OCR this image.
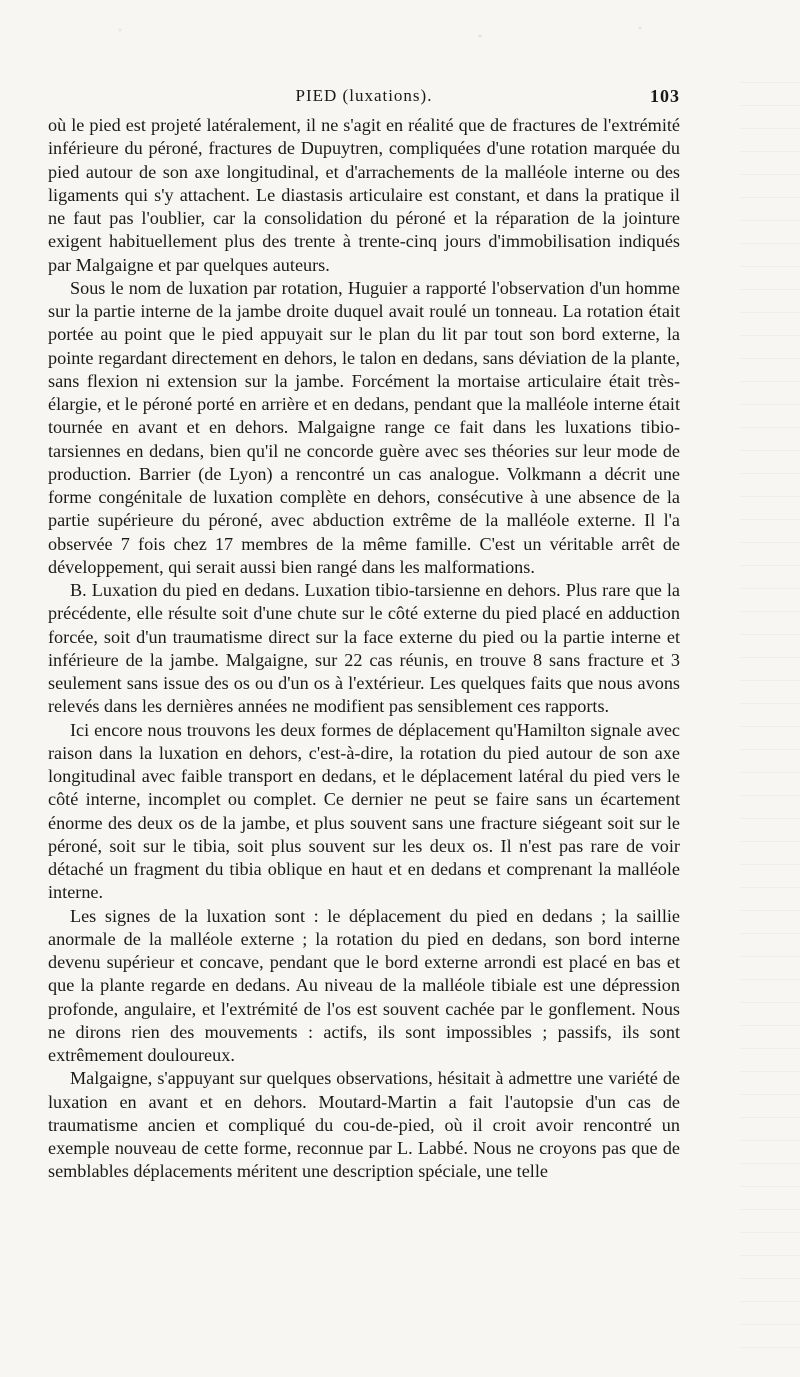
PIED (luxations).	103

où le pied est projeté latéralement, il ne s'agit en réalité que de fractures de l'extrémité inférieure du péroné, fractures de Dupuytren, compliquées d'une rotation marquée du pied autour de son axe longitudinal, et d'arrachements de la malléole interne ou des ligaments qui s'y attachent. Le diastasis articulaire est constant, et dans la pratique il ne faut pas l'oublier, car la consolidation du péroné et la réparation de la jointure exigent habituellement plus des trente à trente-cinq jours d'immobilisation indiqués par Malgaigne et par quelques auteurs.

Sous le nom de luxation par rotation, Huguier a rapporté l'observation d'un homme sur la partie interne de la jambe droite duquel avait roulé un tonneau. La rotation était portée au point que le pied appuyait sur le plan du lit par tout son bord externe, la pointe regardant directement en dehors, le talon en dedans, sans déviation de la plante, sans flexion ni extension sur la jambe. Forcément la mortaise articulaire était très-élargie, et le péroné porté en arrière et en dedans, pendant que la malléole interne était tournée en avant et en dehors. Malgaigne range ce fait dans les luxations tibio-tarsiennes en dedans, bien qu'il ne concorde guère avec ses théories sur leur mode de production. Barrier (de Lyon) a rencontré un cas analogue. Volkmann a décrit une forme congénitale de luxation complète en dehors, consécutive à une absence de la partie supérieure du péroné, avec abduction extrême de la malléole externe. Il l'a observée 7 fois chez 17 membres de la même famille. C'est un véritable arrêt de développement, qui serait aussi bien rangé dans les malformations.

B. Luxation du pied en dedans. Luxation tibio-tarsienne en dehors. Plus rare que la précédente, elle résulte soit d'une chute sur le côté externe du pied placé en adduction forcée, soit d'un traumatisme direct sur la face externe du pied ou la partie interne et inférieure de la jambe. Malgaigne, sur 22 cas réunis, en trouve 8 sans fracture et 3 seulement sans issue des os ou d'un os à l'extérieur. Les quelques faits que nous avons relevés dans les dernières années ne modifient pas sensiblement ces rapports.

Ici encore nous trouvons les deux formes de déplacement qu'Hamilton signale avec raison dans la luxation en dehors, c'est-à-dire, la rotation du pied autour de son axe longitudinal avec faible transport en dedans, et le déplacement latéral du pied vers le côté interne, incomplet ou complet. Ce dernier ne peut se faire sans un écartement énorme des deux os de la jambe, et plus souvent sans une fracture siégeant soit sur le péroné, soit sur le tibia, soit plus souvent sur les deux os. Il n'est pas rare de voir détaché un fragment du tibia oblique en haut et en dedans et comprenant la malléole interne.

Les signes de la luxation sont : le déplacement du pied en dedans ; la saillie anormale de la malléole externe ; la rotation du pied en dedans, son bord interne devenu supérieur et concave, pendant que le bord externe arrondi est placé en bas et que la plante regarde en dedans. Au niveau de la malléole tibiale est une dépression profonde, angulaire, et l'extrémité de l'os est souvent cachée par le gonflement. Nous ne dirons rien des mouvements : actifs, ils sont impossibles ; passifs, ils sont extrêmement douloureux.

Malgaigne, s'appuyant sur quelques observations, hésitait à admettre une variété de luxation en avant et en dehors. Moutard-Martin a fait l'autopsie d'un cas de traumatisme ancien et compliqué du cou-de-pied, où il croit avoir rencontré un exemple nouveau de cette forme, reconnue par L. Labbé. Nous ne croyons pas que de semblables déplacements méritent une description spéciale, une telle
